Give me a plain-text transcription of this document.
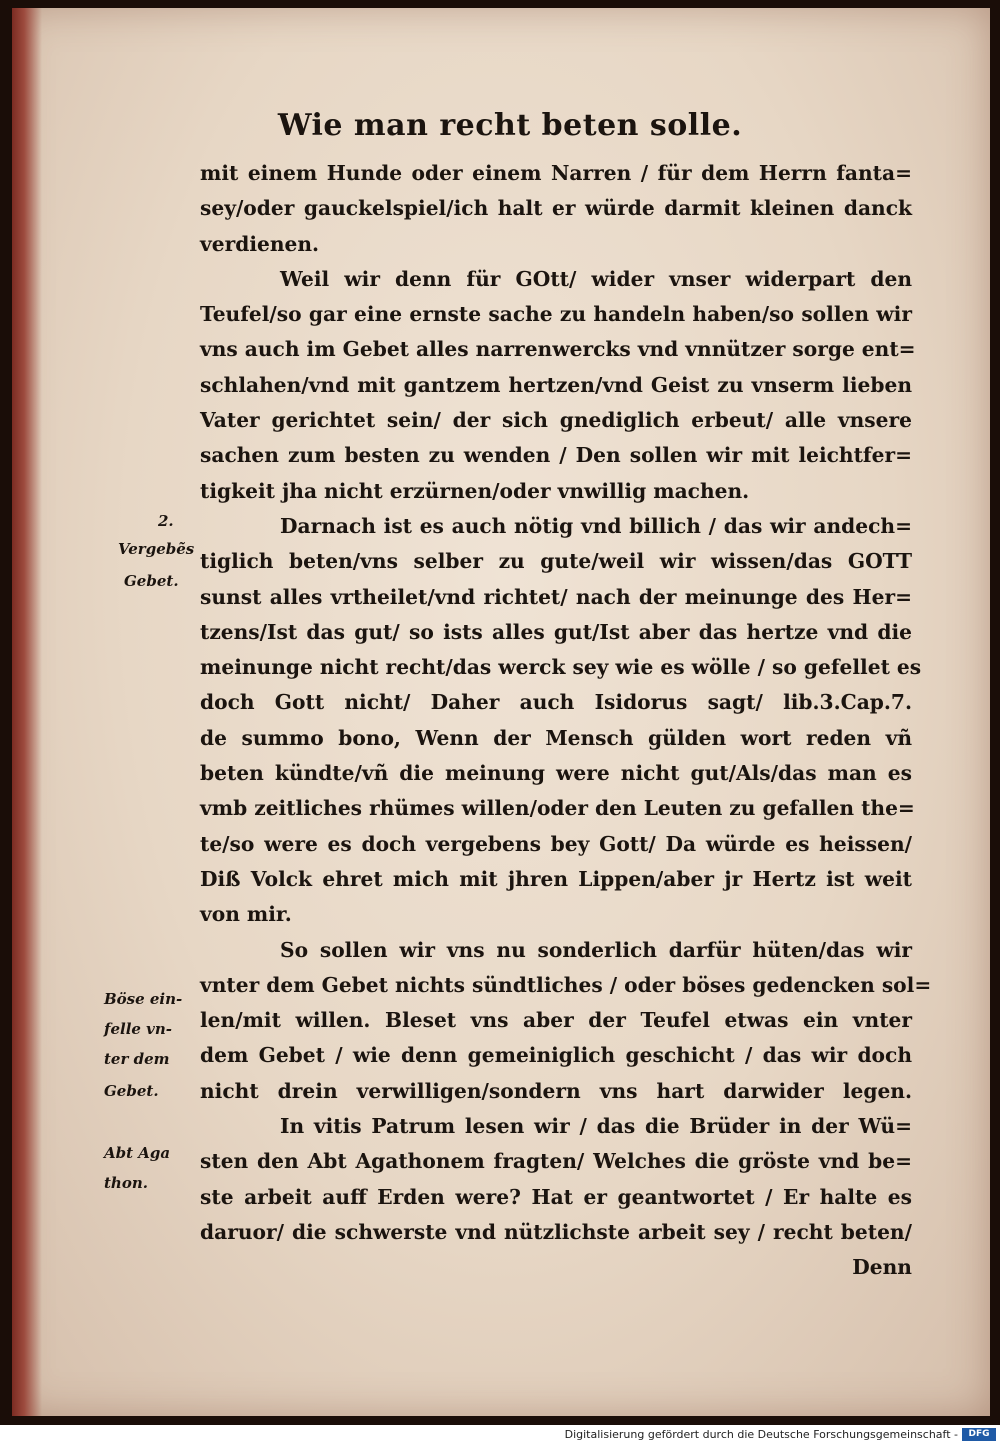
Wie man recht beten solle.
mit einem Hunde oder einem Narren / für dem Herrn fanta=
sey/oder gauckelspiel/ich halt er würde darmit kleinen danck
verdienen.
Weil wir denn für GOtt/ wider vnser widerpart den
Teufel/so gar eine ernste sache zu handeln haben/so sollen wir
vns auch im Gebet alles narrenwercks vnd vnnützer sorge ent=
schlahen/vnd mit gantzem hertzen/vnd Geist zu vnserm lieben
Vater gerichtet sein/ der sich gnediglich erbeut/ alle vnsere
sachen zum besten zu wenden / Den sollen wir mit leichtfer=
tigkeit jha nicht erzürnen/oder vnwillig machen.
Darnach ist es auch nötig vnd billich / das wir andech=
tiglich beten/vns selber zu gute/weil wir wissen/das GOTT
sunst alles vrtheilet/vnd richtet/ nach der meinunge des Her=
tzens/Ist das gut/ so ists alles gut/Ist aber das hertze vnd die
meinunge nicht recht/das werck sey wie es wölle / so gefellet es
doch Gott nicht/ Daher auch Isidorus sagt/ lib.3.Cap.7.
de summo bono, Wenn der Mensch gülden wort reden vñ
beten kündte/vñ die meinung were nicht gut/Als/das man es
vmb zeitliches rhümes willen/oder den Leuten zu gefallen the=
te/so were es doch vergebens bey Gott/ Da würde es heissen/
Diß Volck ehret mich mit jhren Lippen/aber jr Hertz ist weit
von mir.
So sollen wir vns nu sonderlich darfür hüten/das wir
vnter dem Gebet nichts sündtliches / oder böses gedencken sol=
len/mit willen. Bleset vns aber der Teufel etwas ein vnter
dem Gebet / wie denn gemeiniglich geschicht / das wir doch
nicht drein verwilligen/sondern vns hart darwider legen.
In vitis Patrum lesen wir / das die Brüder in der Wü=
sten den Abt Agathonem fragten/ Welches die gröste vnd be=
ste arbeit auff Erden were? Hat er geantwortet / Er halte es
daruor/ die schwerste vnd nützlichste arbeit sey / recht beten/
Denn
2.
Vergebẽs
Gebet.
Böse ein-
felle vn-
ter dem
Gebet.
Abt Aga
thon.
Digitalisierung gefördert durch die Deutsche Forschungsgemeinschaft -	DFG
